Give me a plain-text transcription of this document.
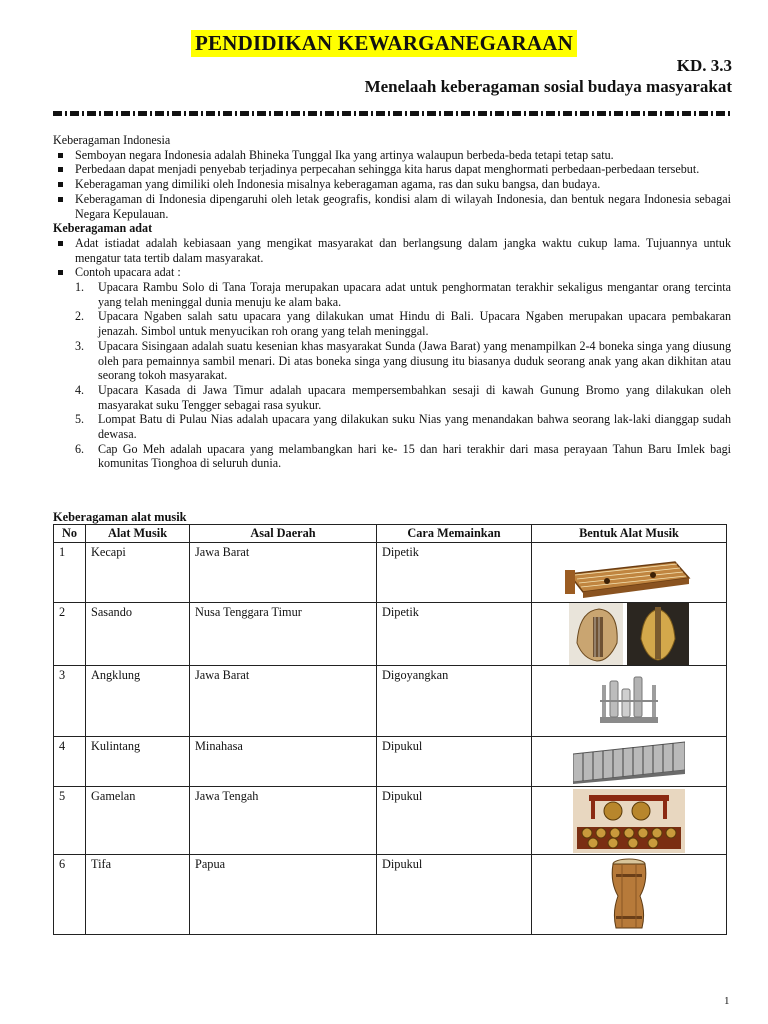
PENDIDIKAN KEWARGANEGARAAN
KD. 3.3
Menelaah keberagaman sosial budaya masyarakat

Keberagaman Indonesia

Semboyan negara Indonesia adalah Bhineka Tunggal Ika yang artinya walaupun berbeda-beda tetapi tetap satu.
Perbedaan dapat menjadi penyebab terjadinya perpecahan sehingga kita harus dapat menghormati perbedaan-perbedaan tersebut.
Keberagaman yang dimiliki oleh Indonesia misalnya keberagaman agama, ras dan suku bangsa, dan budaya.
Keberagaman di Indonesia dipengaruhi oleh letak geografis, kondisi alam di wilayah Indonesia, dan bentuk negara Indonesia sebagai Negara Kepulauan.

Keberagaman adat

Adat istiadat adalah kebiasaan yang mengikat masyarakat dan berlangsung dalam jangka waktu cukup lama. Tujuannya untuk mengatur tata tertib dalam masyarakat.
Contoh upacara adat :
1. Upacara Rambu Solo di Tana Toraja merupakan upacara adat untuk penghormatan terakhir sekaligus mengantar orang tercinta yang telah meninggal dunia menuju ke alam baka.
2. Upacara Ngaben salah satu upacara yang dilakukan umat Hindu di Bali. Upacara Ngaben merupakan upacara pembakaran jenazah. Simbol untuk menyucikan roh orang yang telah meninggal.
3. Upacara Sisingaan adalah suatu kesenian khas masyarakat Sunda (Jawa Barat) yang menampilkan 2-4 boneka singa yang diusung oleh para pemainnya sambil menari. Di atas boneka singa yang diusung itu biasanya duduk seorang anak yang akan dikhitan atau seorang tokoh masyarakat.
4. Upacara Kasada di Jawa Timur adalah upacara mempersembahkan sesaji di kawah Gunung Bromo yang dilakukan oleh masyarakat suku Tengger sebagai rasa syukur.
5. Lompat Batu di Pulau Nias adalah upacara yang dilakukan suku Nias yang menandakan bahwa seorang lak-laki dianggap sudah dewasa.
6. Cap Go Meh adalah upacara yang melambangkan hari ke- 15 dan hari terakhir dari masa perayaan Tahun Baru Imlek bagi komunitas Tionghoa di seluruh dunia.
Keberagaman alat musik
No	Alat Musik	Asal Daerah	Cara Memainkan	Bentuk Alat Musik
1	Kecapi	Jawa Barat	Dipetik	

2	Sasando	Nusa Tenggara Timur	Dipetik	

3	Angklung	Jawa Barat	Digoyangkan	

4	Kulintang	Minahasa	Dipukul	

5	Gamelan	Jawa Tengah	Dipukul	

6	Tifa	Papua	Dipukul	
1
